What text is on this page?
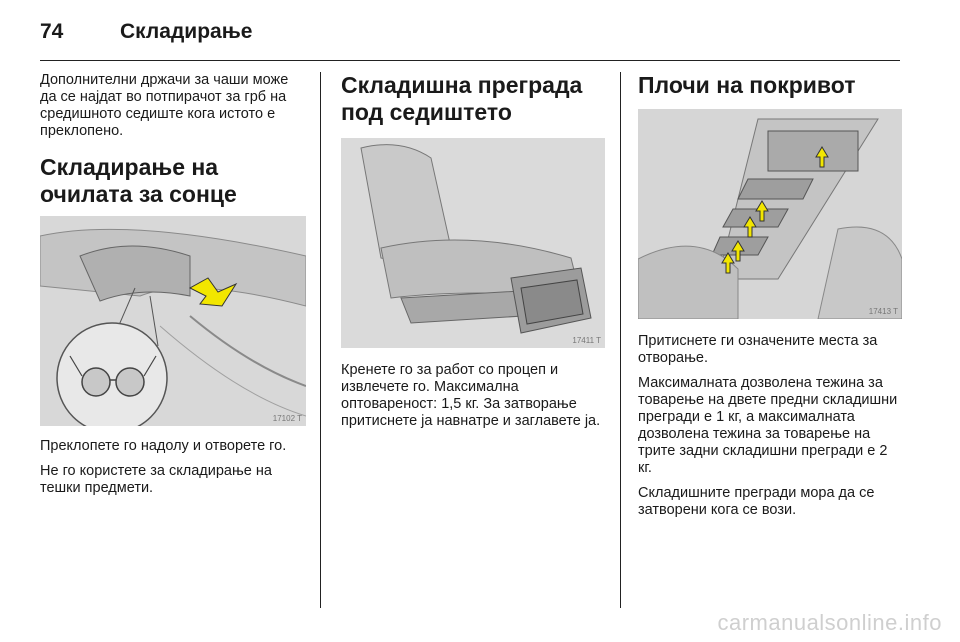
74	Складирање

Дополнителни држачи за чаши може да се најдат во потпирачот за грб на средишното седиште кога истото е преклопено.

Складирање на очилата за сонце
17102 T

Преклопете го надолу и отворете го.

Не го користете за складирање на тешки предмети.

Складишна преграда под седиштето
17411 T

Кренете го за работ со процеп и извлечете го. Максимална оптовареност: 1,5 кг. За затворање притиснете ја навнатре и заглавете ја.

Плочи на покривот
17413 T

Притиснете ги означените места за отворање.

Максималната дозволена тежина за товарење на двете предни складишни прегради е 1 кг, а максималната дозволена тежина за товарење на трите задни складишни прегради е 2 кг.

Складишните прегради мора да се затворени кога се вози.

carmanualsonline.info
